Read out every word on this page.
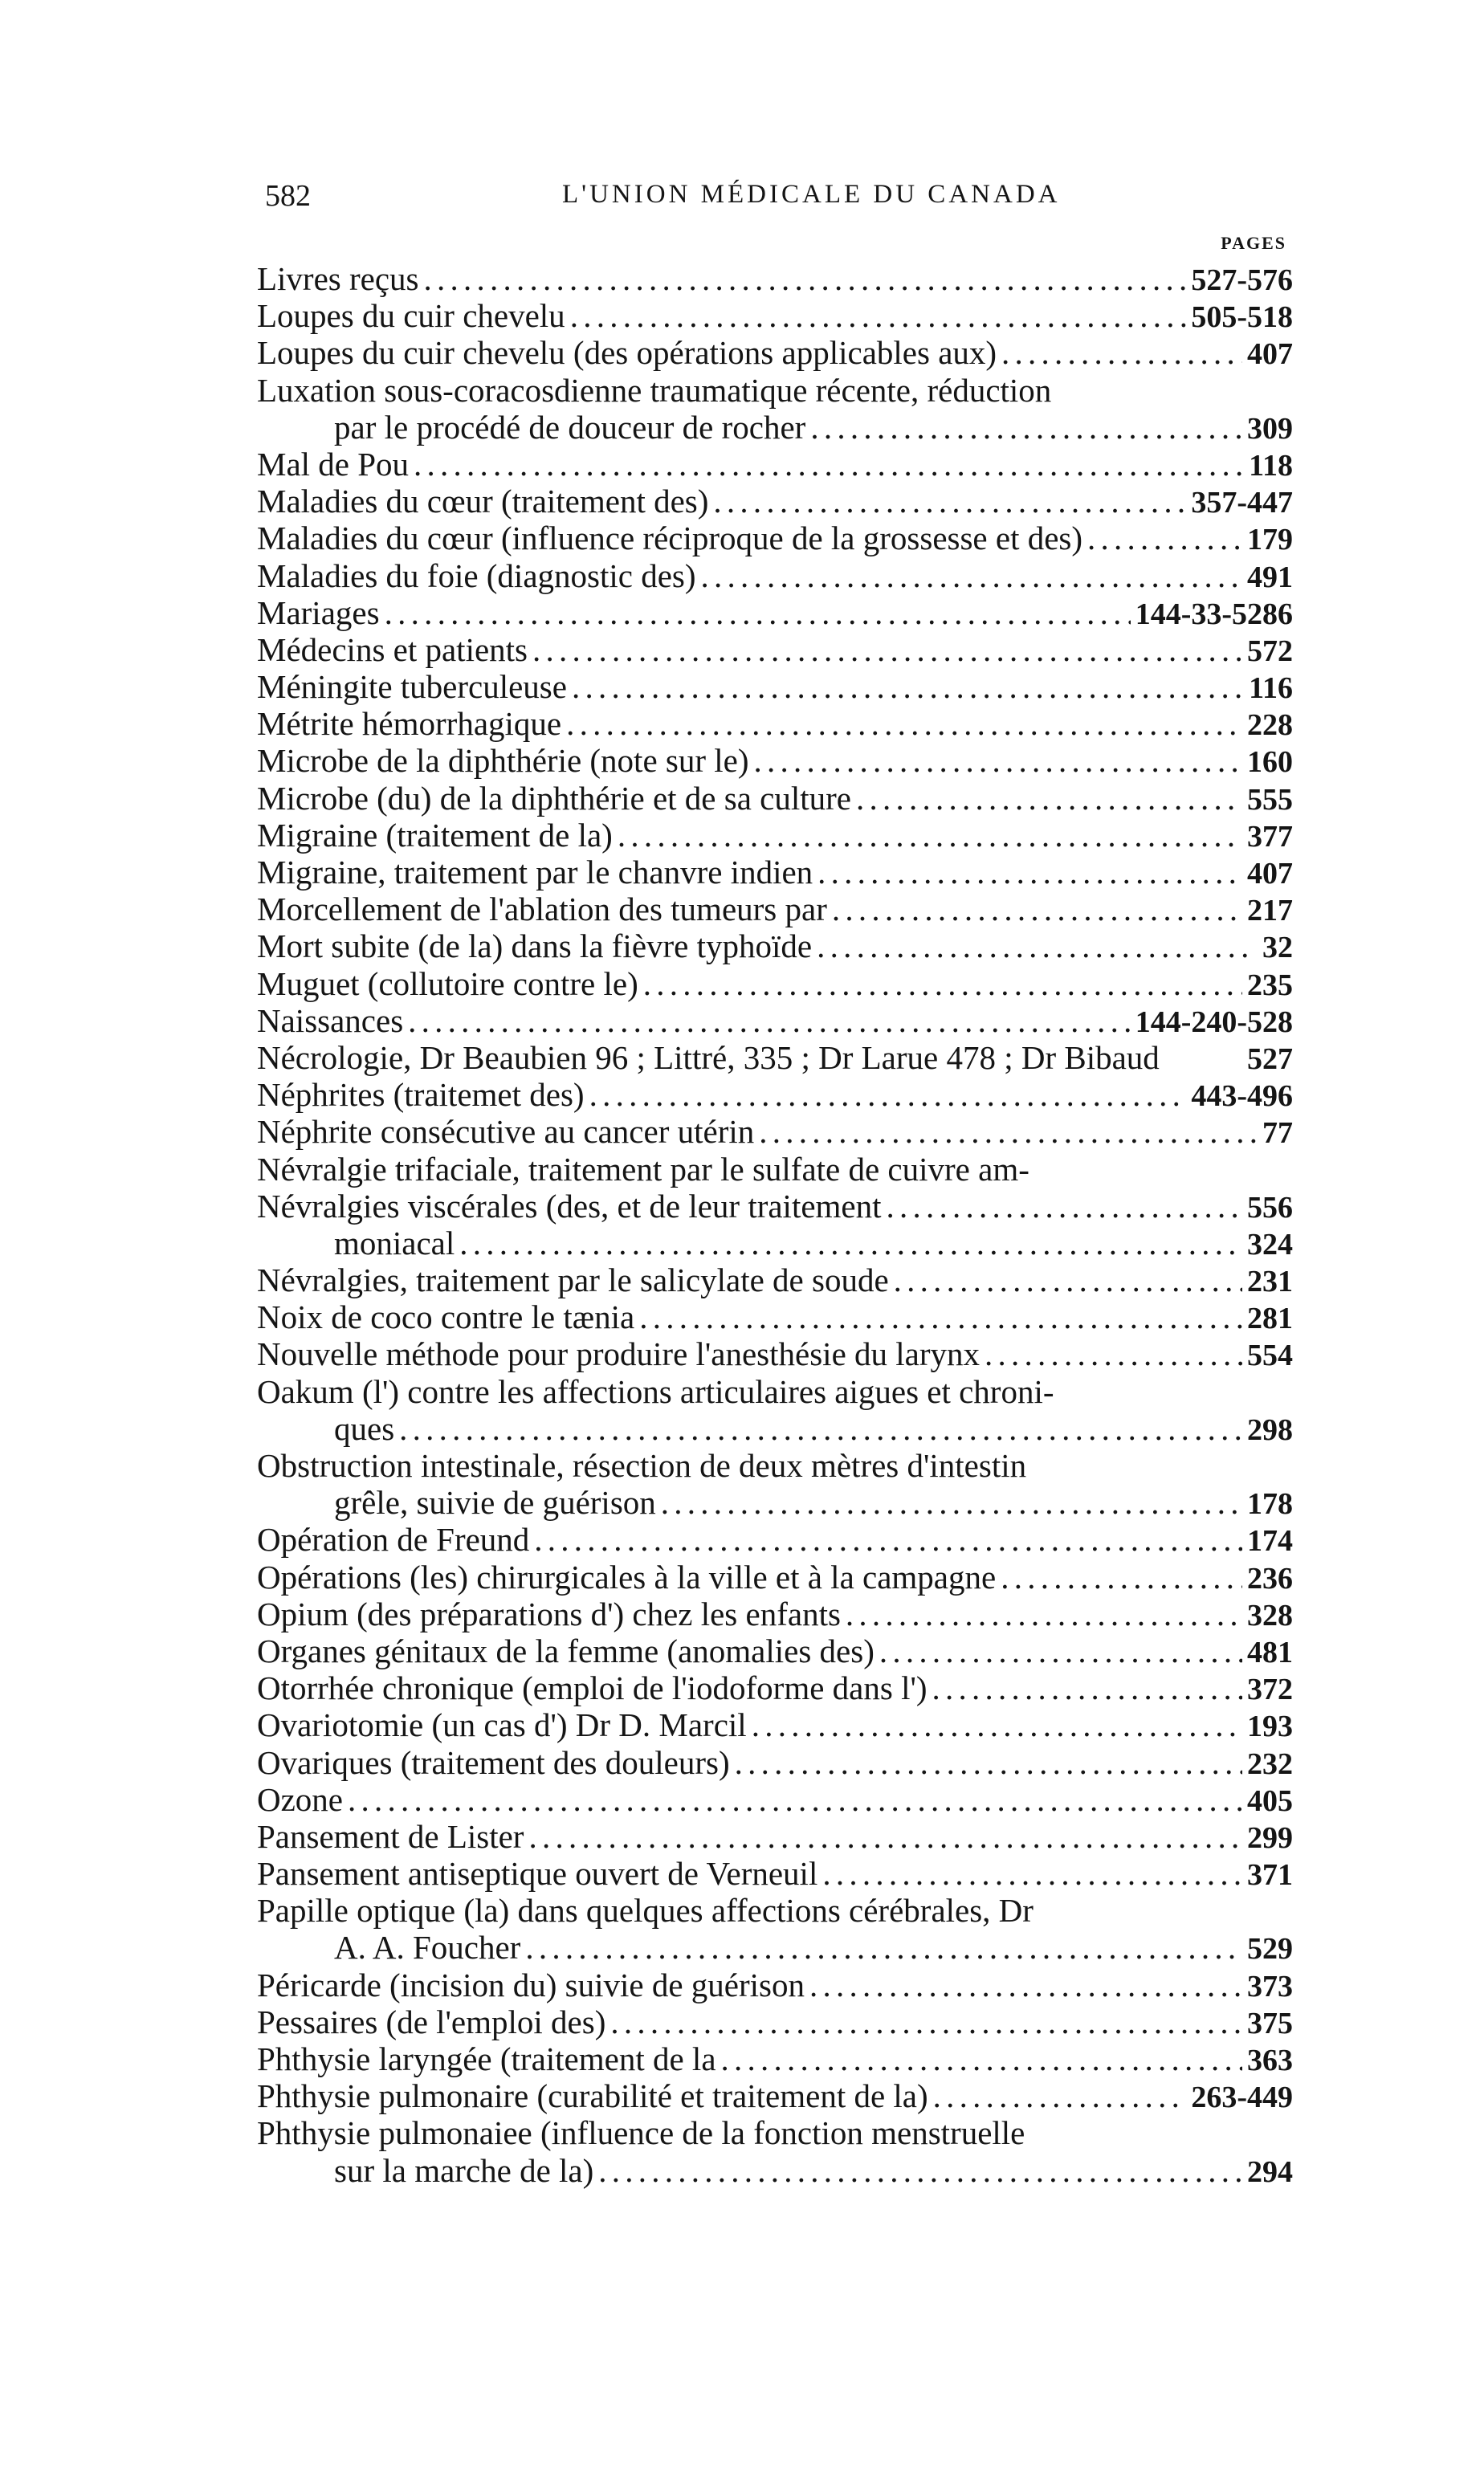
582	L'UNION MÉDICALE DU CANADA
PAGES
Livres reçus . . .	527-576
Loupes du cuir chevelu . . .	505-518
Loupes du cuir chevelu (des opérations applicables aux) . . .	407
Luxation sous-coracosdienne traumatique récente, réduction
par le procédé de douceur de rocher . . .	309
Mal de Pou . . .	118
Maladies du cœur (traitement des) . . .	357-447
Maladies du cœur (influence réciproque de la grossesse et des) . . .	179
Maladies du foie (diagnostic des) . . .	491
Mariages . . .	144-33-5286
Médecins et patients . . .	572
Méningite tuberculeuse . . .	116
Métrite hémorrhagique . . .	228
Microbe de la diphthérie (note sur le) . . .	160
Microbe (du) de la diphthérie et de sa culture . . .	555
Migraine (traitement de la) . . .	377
Migraine, traitement par le chanvre indien . . .	407
Morcellement de l'ablation des tumeurs par . . .	217
Mort subite (de la) dans la fièvre typhoïde . . .	32
Muguet (collutoire contre le) . . .	235
Naissances . . .	144-240-528
Nécrologie, Dr Beaubien 96 ; Littré, 335 ; Dr Larue 478 ; Dr Bibaud	527
Néphrites (traitemet des) . . .	443-496
Néphrite consécutive au cancer utérin . . .	77
Névralgie trifaciale, traitement par le sulfate de cuivre am-
Névralgies viscérales (des, et de leur traitement . . .	556
moniacal . . .	324
Névralgies, traitement par le salicylate de soude . . .	231
Noix de coco contre le tænia . . .	281
Nouvelle méthode pour produire l'anesthésie du larynx . . .	554
Oakum (l') contre les affections articulaires aigues et chroni-
ques . . .	298
Obstruction intestinale, résection de deux mètres d'intestin
grêle, suivie de guérison . . .	178
Opération de Freund . . .	174
Opérations (les) chirurgicales à la ville et à la campagne . . .	236
Opium (des préparations d') chez les enfants . . .	328
Organes génitaux de la femme (anomalies des) . . .	481
Otorrhée chronique (emploi de l'iodoforme dans l') . . .	372
Ovariotomie (un cas d') Dr D. Marcil . . .	193
Ovariques (traitement des douleurs) . . .	232
Ozone . . .	405
Pansement de Lister . . .	299
Pansement antiseptique ouvert de Verneuil . . .	371
Papille optique (la) dans quelques affections cérébrales, Dr
A. A. Foucher . . .	529
Péricarde (incision du) suivie de guérison . . .	373
Pessaires (de l'emploi des) . . .	375
Phthysie laryngée (traitement de la . . .	363
Phthysie pulmonaire (curabilité et traitement de la) . . .	263-449
Phthysie pulmonaiee (influence de la fonction menstruelle
sur la marche de la) . . .	294
